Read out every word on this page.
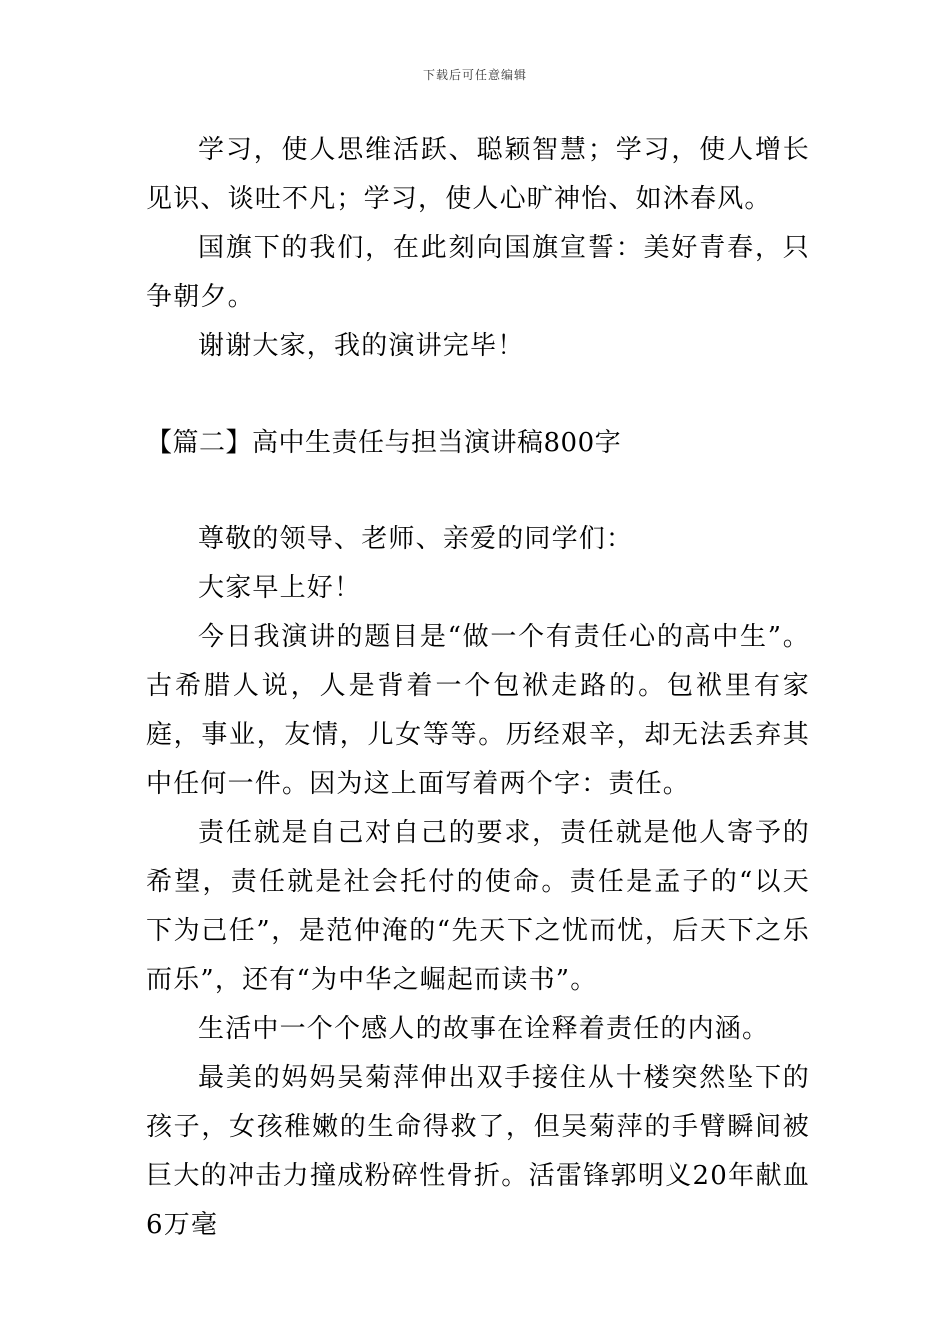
下载后可任意编辑

学习，使人思维活跃、聪颖智慧；学习，使人增长见识、谈吐不凡；学习，使人心旷神怡、如沐春风。

国旗下的我们，在此刻向国旗宣誓：美好青春，只争朝夕。

谢谢大家，我的演讲完毕！

【篇二】高中生责任与担当演讲稿800字

尊敬的领导、老师、亲爱的同学们：

大家早上好！

今日我演讲的题目是“做一个有责任心的高中生”。古希腊人说，人是背着一个包袱走路的。包袱里有家庭，事业，友情，儿女等等。历经艰辛，却无法丢弃其中任何一件。因为这上面写着两个字：责任。

责任就是自己对自己的要求，责任就是他人寄予的希望，责任就是社会托付的使命。责任是孟子的“以天下为己任”，是范仲淹的“先天下之忧而忧，后天下之乐而乐”，还有“为中华之崛起而读书”。

生活中一个个感人的故事在诠释着责任的内涵。

最美的妈妈吴菊萍伸出双手接住从十楼突然坠下的孩子，女孩稚嫩的生命得救了，但吴菊萍的手臂瞬间被巨大的冲击力撞成粉碎性骨折。活雷锋郭明义20年献血6万毫
